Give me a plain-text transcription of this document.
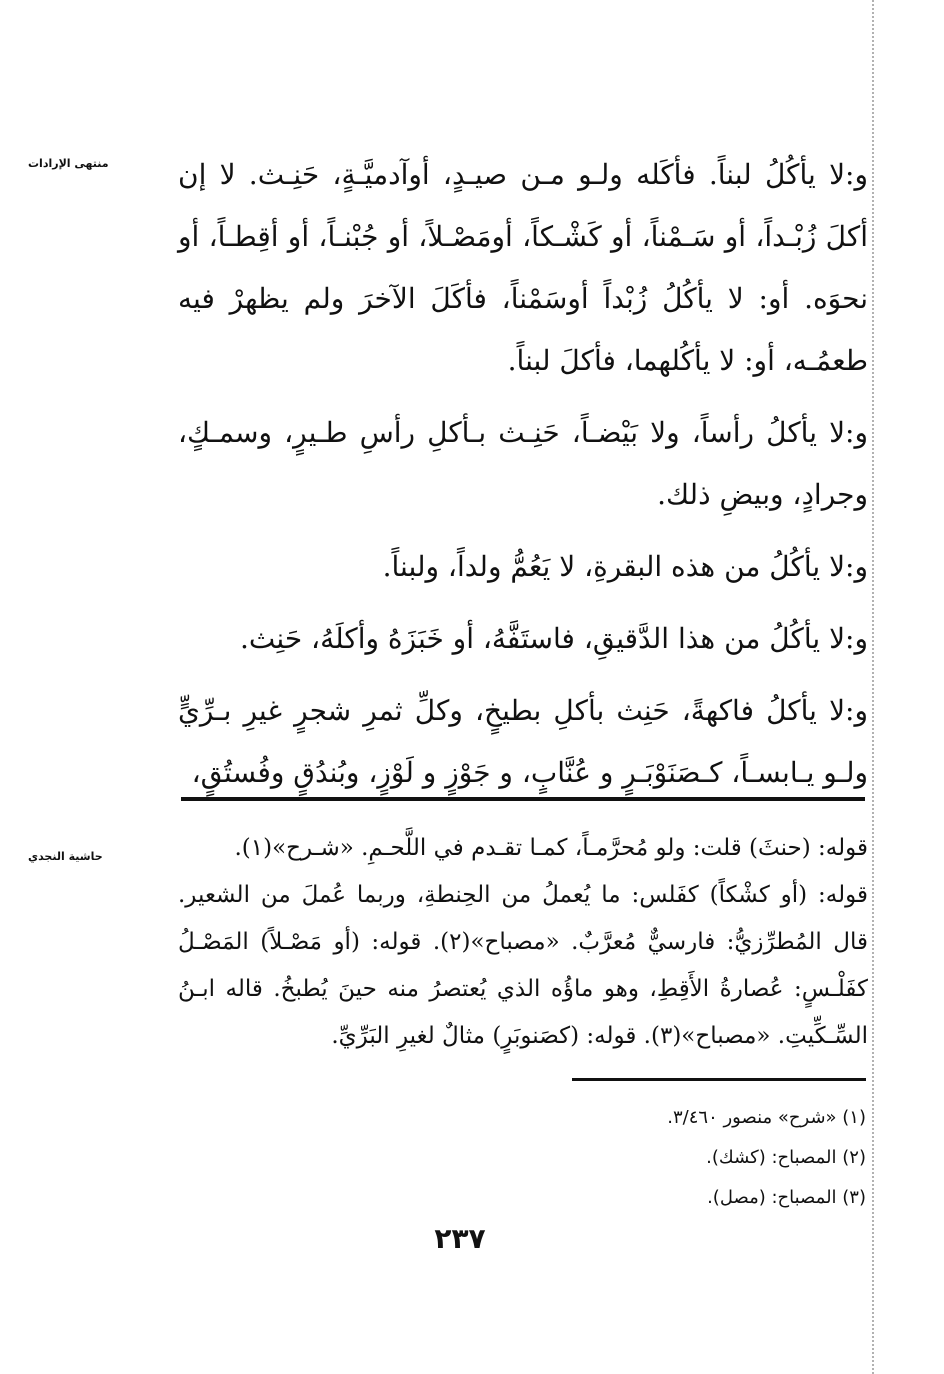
منتهى الإرادات
حاشية النجدي

و:لا يأكُلُ لبناً. فأكَله ولـو مـن صيـدٍ، أوآدميَّـةٍ، حَنِـث. لا إن أكلَ زُبْـداً، أو سَـمْناً، أو كَشْـكاً، أومَصْـلاً، أو جُبْنـاً، أو أقِطـاً، أو نحوَه. أو: لا يأكُلُ زُبْداً أوسَمْناً، فأكَلَ الآخرَ ولم يظهرْ فيه طعمُـه، أو: لا يأكُلهما، فأكلَ لبناً.

و:لا يأكلُ رأساً، ولا بَيْضـاً، حَنِـث بـأكلِ رأسِ طـيرٍ، وسمـكٍ، وجرادٍ، وبيضِ ذلك.

و:لا يأكُلُ من هذه البقرةِ، لا يَعُمُّ ولداً، ولبناً.

و:لا يأكُلُ من هذا الدَّقيقِ، فاستَفَّهُ، أو خَبَزَهُ وأكلَهُ، حَنِث.

و:لا يأكلُ فاكهةً، حَنِث بأكلِ بطيخٍ، وكلِّ ثمرِ شجرٍ غيرِ بـرِّيٍّ ولـو يـابسـاً، كـصَنَوْبَـرٍ و عُنَّابٍ، و جَوْزٍ و لَوْزٍ، وبُندُقٍ وفُستُقٍ،

قوله: (حنثَ) قلت: ولو مُحرَّمـاً، كمـا تقـدم في اللَّحـمِ. «شـرح»(١).

قوله: (أو كشْكاً) كفَلس: ما يُعملُ من الحِنطةِ، وربما عُملَ من الشعير. قال المُطرِّزيُّ: فارسيٌّ مُعرَّبٌ. «مصباح»(٢). قوله: (أو مَصْـلاً) المَصْـلُ كفَلْـسٍ: عُصارةُ الأَقِطِ، وهو ماؤُه الذي يُعتصرُ منه حينَ يُطبخُ. قاله ابـنُ السِّـكِّيتِ. «مصباح»(٣). قوله: (كصَنوبَرٍ) مثالٌ لغيرِ البَرِّيِّ.

(١) «شرح» منصور ٣/٤٦٠.
(٢) المصباح: (كشك).
(٣) المصباح: (مصل).
٢٣٧
